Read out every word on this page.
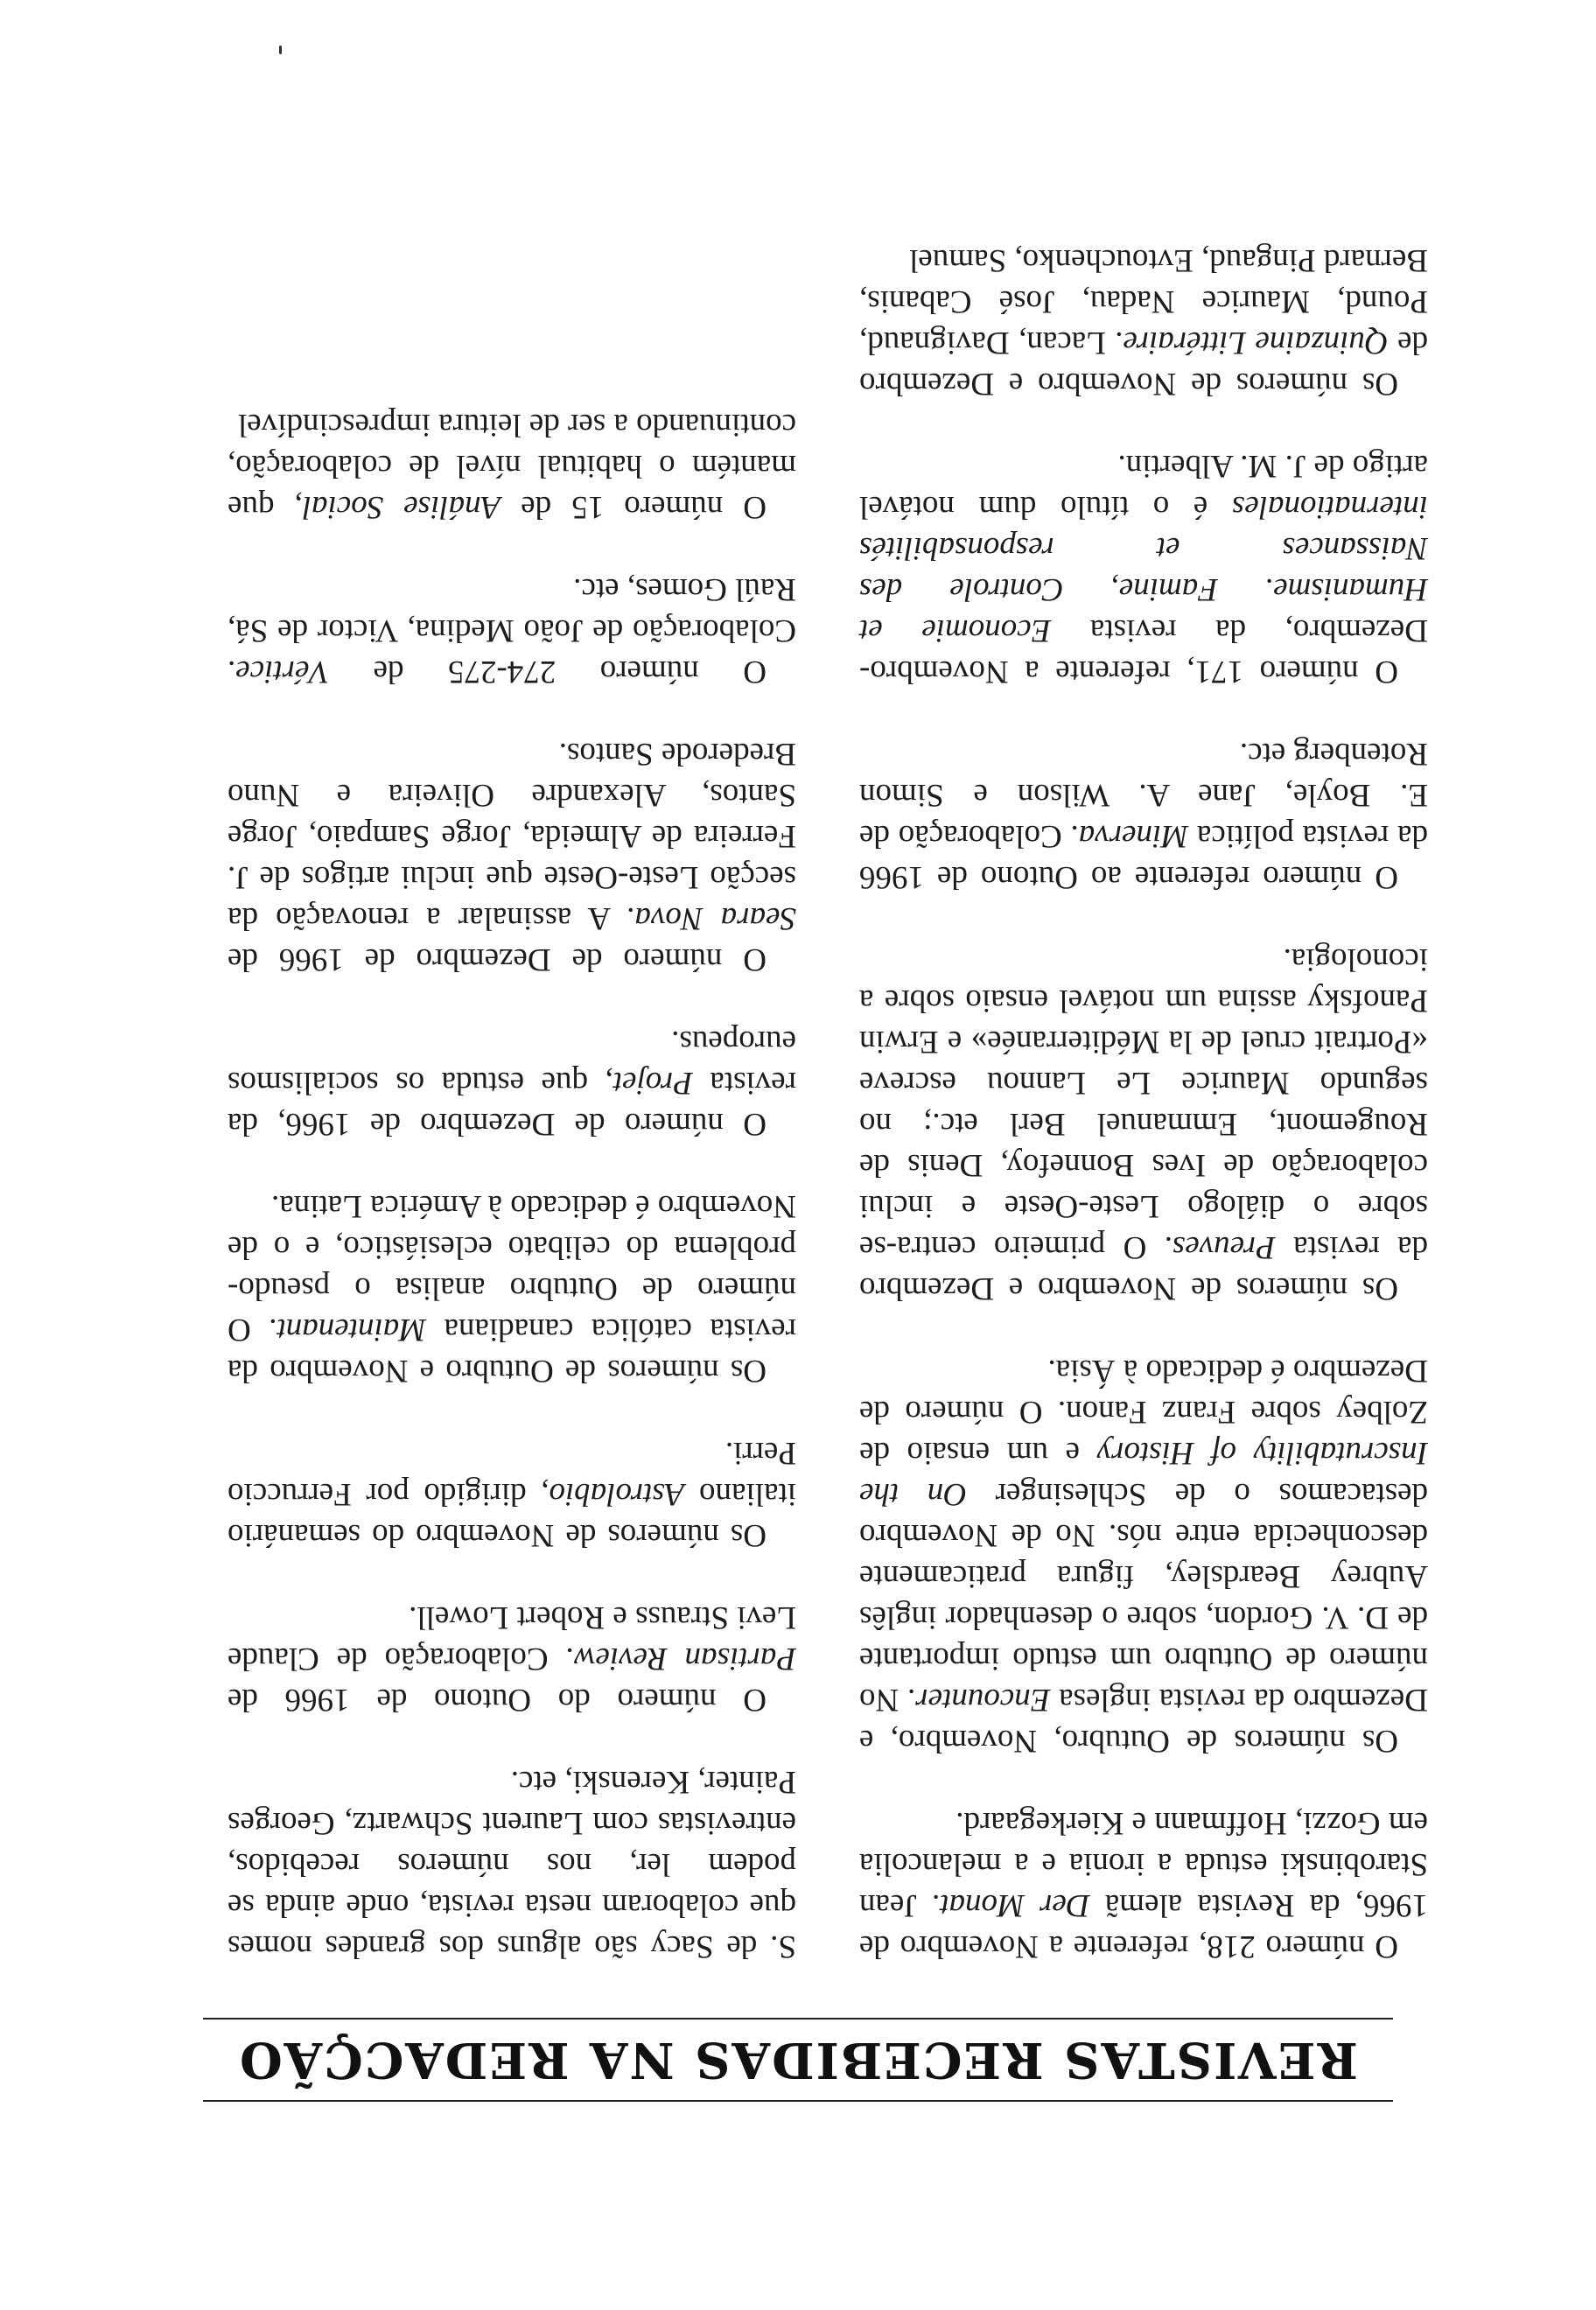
REVISTAS RECEBIDAS NA REDACÇÃO

O número 218, referente a Novembro de 1966, da Revista alemã Der Monat. Jean Starobinski estuda a ironia e a melancolia em Gozzi, Hoffmann e Kierkegaard.

Os números de Outubro, Novembro, e Dezembro da revista inglesa Encounter. No número de Outubro um estudo importante de D. V. Gordon, sobre o desenhador inglês Aubrey Beardsley, figura praticamente desconhecida entre nós. No de Novembro destacamos o de Schlesinger On the Inscrutability of History e um ensaio de Zolbey sobre Franz Fanon. O número de Dezembro é dedicado à Ásia.

Os números de Novembro e Dezembro da revista Preuves. O primeiro centra-se sobre o diálogo Leste-Oeste e inclui colaboração de Ives Bonnefoy, Denis de Rougemont, Emmanuel Berl etc.; no segundo Maurice Le Lannou escreve «Portrait cruel de la Méditerranée» e Erwin Panofsky assina um notável ensaio sobre a iconologia.

O número referente ao Outono de 1966 da revista política Minerva. Colaboração de E. Boyle, Jane A. Wilson e Simon Rotenberg etc.

O número 171, referente a Novembro-Dezembro, da revista Economie et Humanisme. Famine, Controle des Naissances et responsabilités internationales é o título dum notável artigo de J. M. Albertin.

Os números de Novembro e Dezembro de Quinzaine Littéraire. Lacan, Davignaud, Pound, Maurice Nadau, José Cabanis, Bernard Pingaud, Evtouchenko, Samuel

S. de Sacy são alguns dos grandes nomes que colaboram nesta revista, onde ainda se podem ler, nos números recebidos, entrevistas com Laurent Schwartz, Georges Painter, Kerenski, etc.

O número do Outono de 1966 de Partisan Review. Colaboração de Claude Levi Strauss e Robert Lowell.

Os números de Novembro do semanário italiano Astrolabio, dirigido por Ferruccio Perri.

Os números de Outubro e Novembro da revista católica canadiana Maintenant. O número de Outubro analisa o pseudo-problema do celibato eclesiástico, e o de Novembro é dedicado à América Latina.

O número de Dezembro de 1966, da revista Projet, que estuda os socialismos europeus.

O número de Dezembro de 1966 de Seara Nova. A assinalar a renovação da secção Leste-Oeste que inclui artigos de J. Ferreira de Almeida, Jorge Sampaio, Jorge Santos, Alexandre Oliveira e Nuno Brederode Santos.

O número 274-275 de Vértice. Colaboração de João Medina, Victor de Sá, Raúl Gomes, etc.

O número 15 de Análise Social, que mantém o habitual nível de colaboração, continuando a ser de leitura imprescindível
